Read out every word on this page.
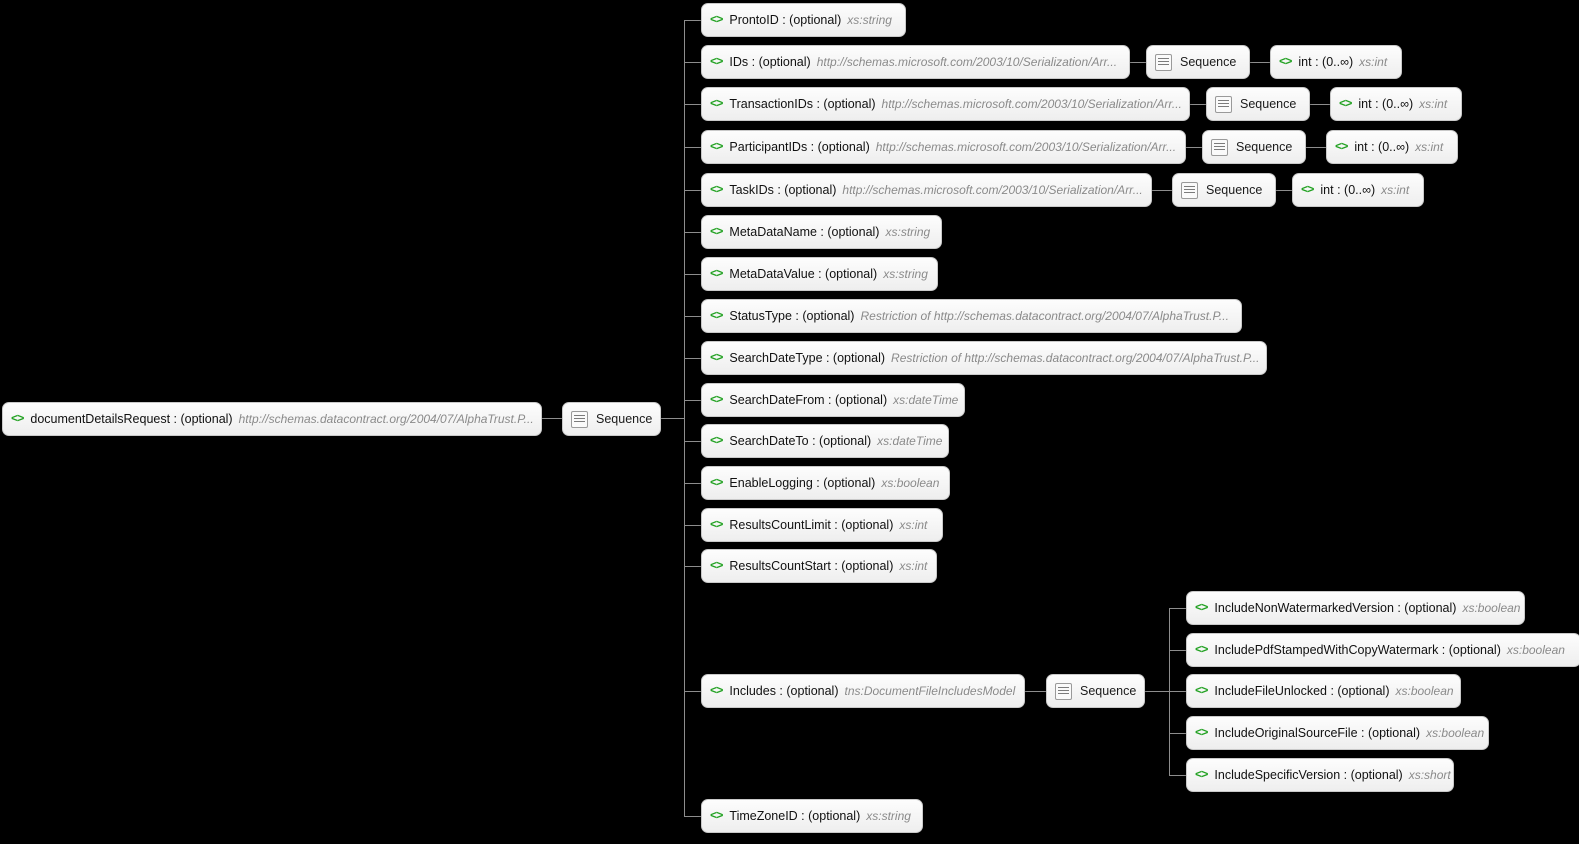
<> documentDetailsRequest : (optional) http://schemas.datacontract.org/2004/07/AlphaTrust.P...	Sequence
<> ProntoID : (optional) xs:string
<> IDs : (optional) http://schemas.microsoft.com/2003/10/Serialization/Arr...	Sequence	<> int : (0..∞) xs:int
<> TransactionIDs : (optional) http://schemas.microsoft.com/2003/10/Serialization/Arr...	Sequence	<> int : (0..∞) xs:int
<> ParticipantIDs : (optional) http://schemas.microsoft.com/2003/10/Serialization/Arr...	Sequence	<> int : (0..∞) xs:int
<> TaskIDs : (optional) http://schemas.microsoft.com/2003/10/Serialization/Arr...	Sequence	<> int : (0..∞) xs:int
<> MetaDataName : (optional) xs:string
<> MetaDataValue : (optional) xs:string
<> StatusType : (optional) Restriction of http://schemas.datacontract.org/2004/07/AlphaTrust.P...
<> SearchDateType : (optional) Restriction of http://schemas.datacontract.org/2004/07/AlphaTrust.P...
<> SearchDateFrom : (optional) xs:dateTime
<> SearchDateTo : (optional) xs:dateTime
<> EnableLogging : (optional) xs:boolean
<> ResultsCountLimit : (optional) xs:int
<> ResultsCountStart : (optional) xs:int
<> Includes : (optional) tns:DocumentFileIncludesModel	Sequence
<> TimeZoneID : (optional) xs:string
<> IncludeNonWatermarkedVersion : (optional) xs:boolean
<> IncludePdfStampedWithCopyWatermark : (optional) xs:boolean
<> IncludeFileUnlocked : (optional) xs:boolean
<> IncludeOriginalSourceFile : (optional) xs:boolean
<> IncludeSpecificVersion : (optional) xs:short
